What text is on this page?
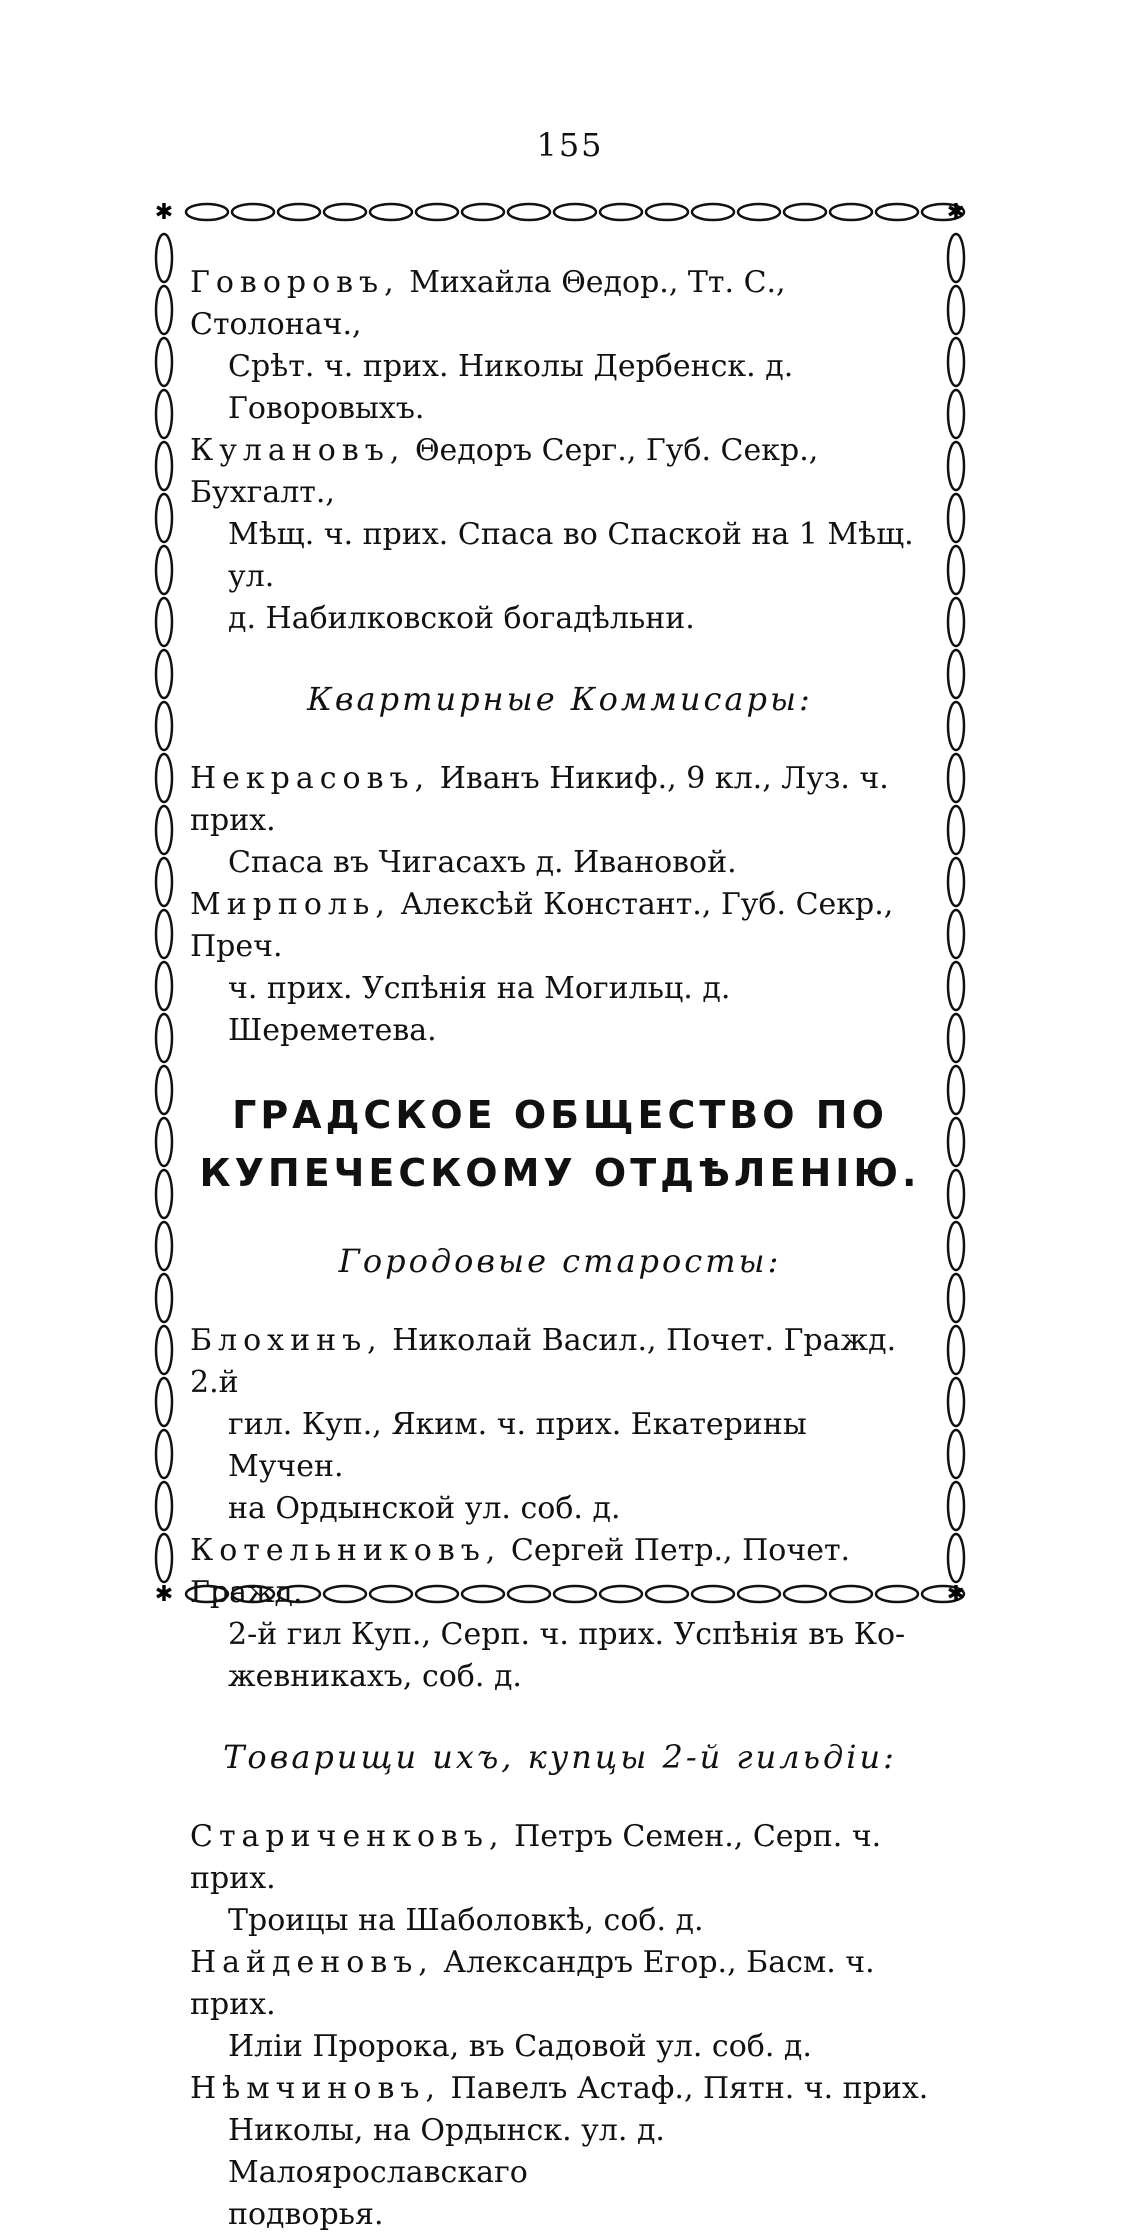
155
✱	✱
✱	✱

Говоровъ, Михайла Θедор., Тт. С., Столонач.,
Срѣт. ч. прих. Николы Дербенск. д. Говоровыхъ.

Кулановъ, Θедоръ Серг., Губ. Секр., Бухгалт.,
Мѣщ. ч. прих. Спаса во Спаской на 1 Мѣщ. ул.
д. Набилковской богадѣльни.

Квартирные Коммисары:

Некрасовъ, Иванъ Никиф., 9 кл., Луз. ч. прих.
Спаса въ Чигасахъ д. Ивановой.

Мирполь, Алексѣй Констант., Губ. Секр., Преч.
ч. прих. Успѣнія на Могильц. д. Шереметева.

ГРАДСКОЕ ОБЩЕСТВО ПО
КУПЕЧЕСКОМУ ОТДѢЛЕНІЮ.
Городовые старосты:

Блохинъ, Николай Васил., Почет. Гражд. 2.й
гил. Куп., Яким. ч. прих. Екатерины Мучен.
на Ордынской ул. соб. д.

Котельниковъ, Сергей Петр., Почет. Гражд.
2-й гил Куп., Серп. ч. прих. Успѣнія въ Ко-
жевникахъ, соб. д.

Товарищи ихъ, купцы 2-й гильдіи:

Стариченковъ, Петръ Семен., Серп. ч. прих.
Троицы на Шаболовкѣ, соб. д.

Найденовъ, Александръ Егор., Басм. ч. прих.
Иліи Пророка, въ Садовой ул. соб. д.

Нѣмчиновъ, Павелъ Астаф., Пятн. ч. прих.
Николы, на Ордынск. ул. д. Малоярославскаго
подворья.
